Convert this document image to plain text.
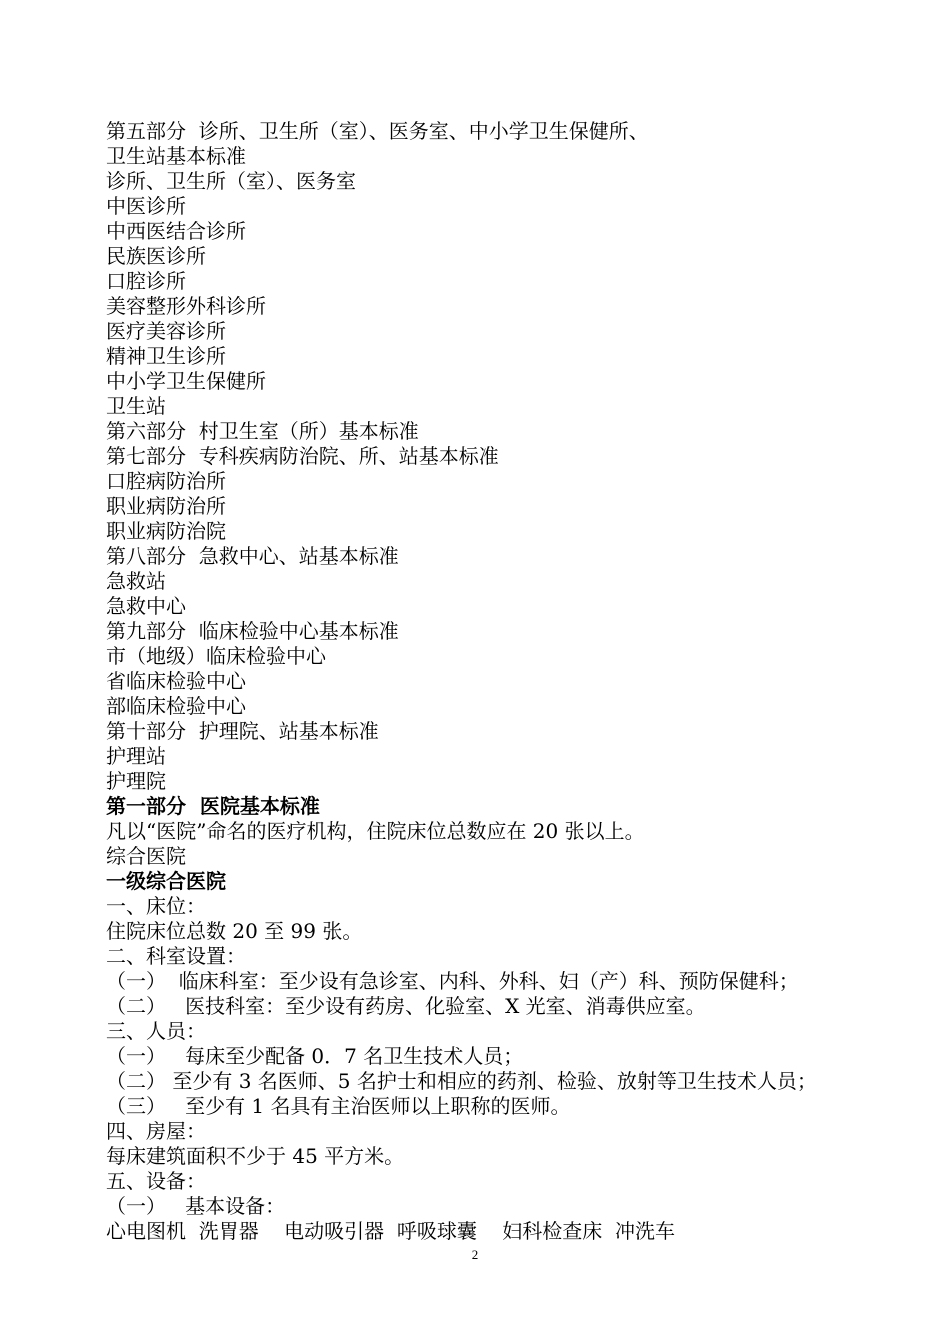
第五部分  诊所、卫生所（室）、医务室、中小学卫生保健所、
卫生站基本标准
诊所、卫生所（室）、医务室
中医诊所
中西医结合诊所
民族医诊所
口腔诊所
美容整形外科诊所
医疗美容诊所
精神卫生诊所
中小学卫生保健所
卫生站
第六部分  村卫生室（所）基本标准
第七部分  专科疾病防治院、所、站基本标准
口腔病防治所
职业病防治所
职业病防治院
第八部分  急救中心、站基本标准
急救站
急救中心
第九部分  临床检验中心基本标准
市（地级）临床检验中心
省临床检验中心
部临床检验中心
第十部分  护理院、站基本标准
护理站
护理院
第一部分  医院基本标准
凡以“医院”命名的医疗机构，住院床位总数应在 20 张以上。
综合医院
一级综合医院
一、床位：
住院床位总数 20 至 99 张。
二、科室设置：
（一）  临床科室：至少设有急诊室、内科、外科、妇（产）科、预防保健科；
（二）   医技科室：至少设有药房、化验室、X 光室、消毒供应室。
三、人员：
（一）   每床至少配备 0．7 名卫生技术人员；
（二） 至少有 3 名医师、5 名护士和相应的药剂、检验、放射等卫生技术人员；
（三）   至少有 1 名具有主治医师以上职称的医师。
四、房屋：
每床建筑面积不少于 45 平方米。
五、设备：
（一）   基本设备：
心电图机  洗胃器    电动吸引器  呼吸球囊    妇科检查床  冲洗车
2
